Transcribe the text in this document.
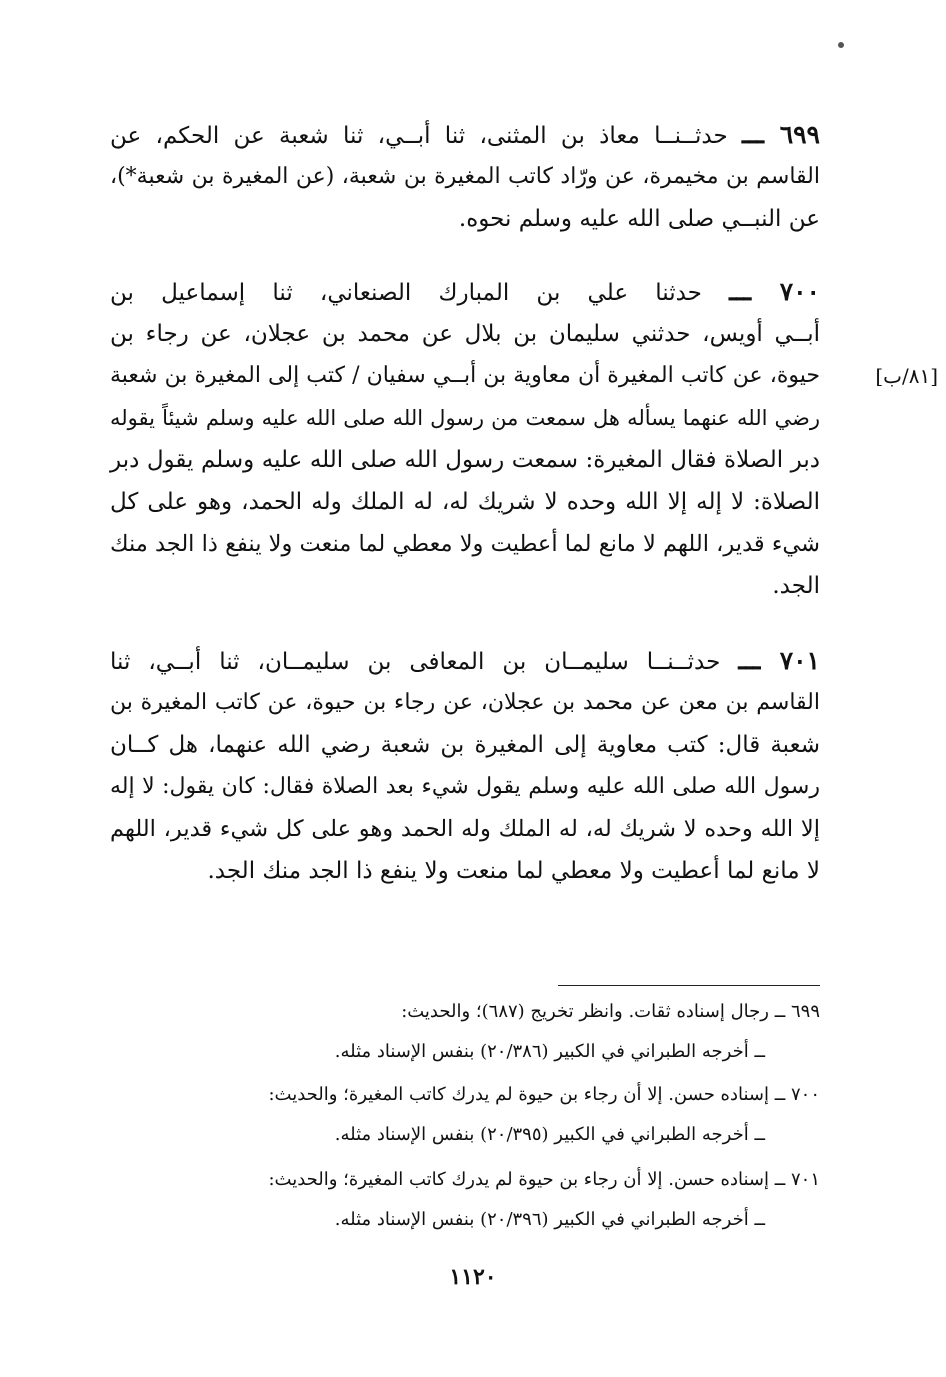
٦٩٩ ـــ حدثــنــا معاذ بن المثنى، ثنا أبــي، ثنا شعبة عن الحكم، عن
القاسم بن مخيمرة، عن ورّاد كاتب المغيرة بن شعبة، (عن المغيرة بن شعبة*)،
عن النبــي صلى الله عليه وسلم نحوه.
٧٠٠ ـــ حدثنا علي بن المبارك الصنعاني، ثنا إسماعيل بن
أبــي أويس، حدثني سليمان بن بلال عن محمد بن عجلان، عن رجاء بن
حيوة، عن كاتب المغيرة أن معاوية بن أبــي سفيان / كتب إلى المغيرة بن شعبة
رضي الله عنهما يسأله هل سمعت من رسول الله صلى الله عليه وسلم شيئاً يقوله
دبر الصلاة فقال المغيرة: سمعت رسول الله صلى الله عليه وسلم يقول دبر
الصلاة: لا إله إلا الله وحده لا شريك له، له الملك وله الحمد، وهو على كل
شيء قدير، اللهم لا مانع لما أعطيت ولا معطي لما منعت ولا ينفع ذا الجد منك
الجد.
[٨١/ب]
٧٠١ ـــ حدثــنــا سليمــان بن المعافى بن سليمــان، ثنا أبــي، ثنا
القاسم بن معن عن محمد بن عجلان، عن رجاء بن حيوة، عن كاتب المغيرة بن
شعبة قال: كتب معاوية إلى المغيرة بن شعبة رضي الله عنهما، هل كــان
رسول الله صلى الله عليه وسلم يقول شيء بعد الصلاة فقال: كان يقول: لا إله
إلا الله وحده لا شريك له، له الملك وله الحمد وهو على كل شيء قدير، اللهم
لا مانع لما أعطيت ولا معطي لما منعت ولا ينفع ذا الجد منك الجد.
٦٩٩ ــ رجال إسناده ثقات. وانظر تخريج (٦٨٧)؛ والحديث:
ــ أخرجه الطبراني في الكبير (٢٠/٣٨٦) بنفس الإسناد مثله.
٧٠٠ ــ إسناده حسن. إلا أن رجاء بن حيوة لم يدرك كاتب المغيرة؛ والحديث:
ــ أخرجه الطبراني في الكبير (٢٠/٣٩٥) بنفس الإسناد مثله.
٧٠١ ــ إسناده حسن. إلا أن رجاء بن حيوة لم يدرك كاتب المغيرة؛ والحديث:
ــ أخرجه الطبراني في الكبير (٢٠/٣٩٦) بنفس الإسناد مثله.
١١٢٠
